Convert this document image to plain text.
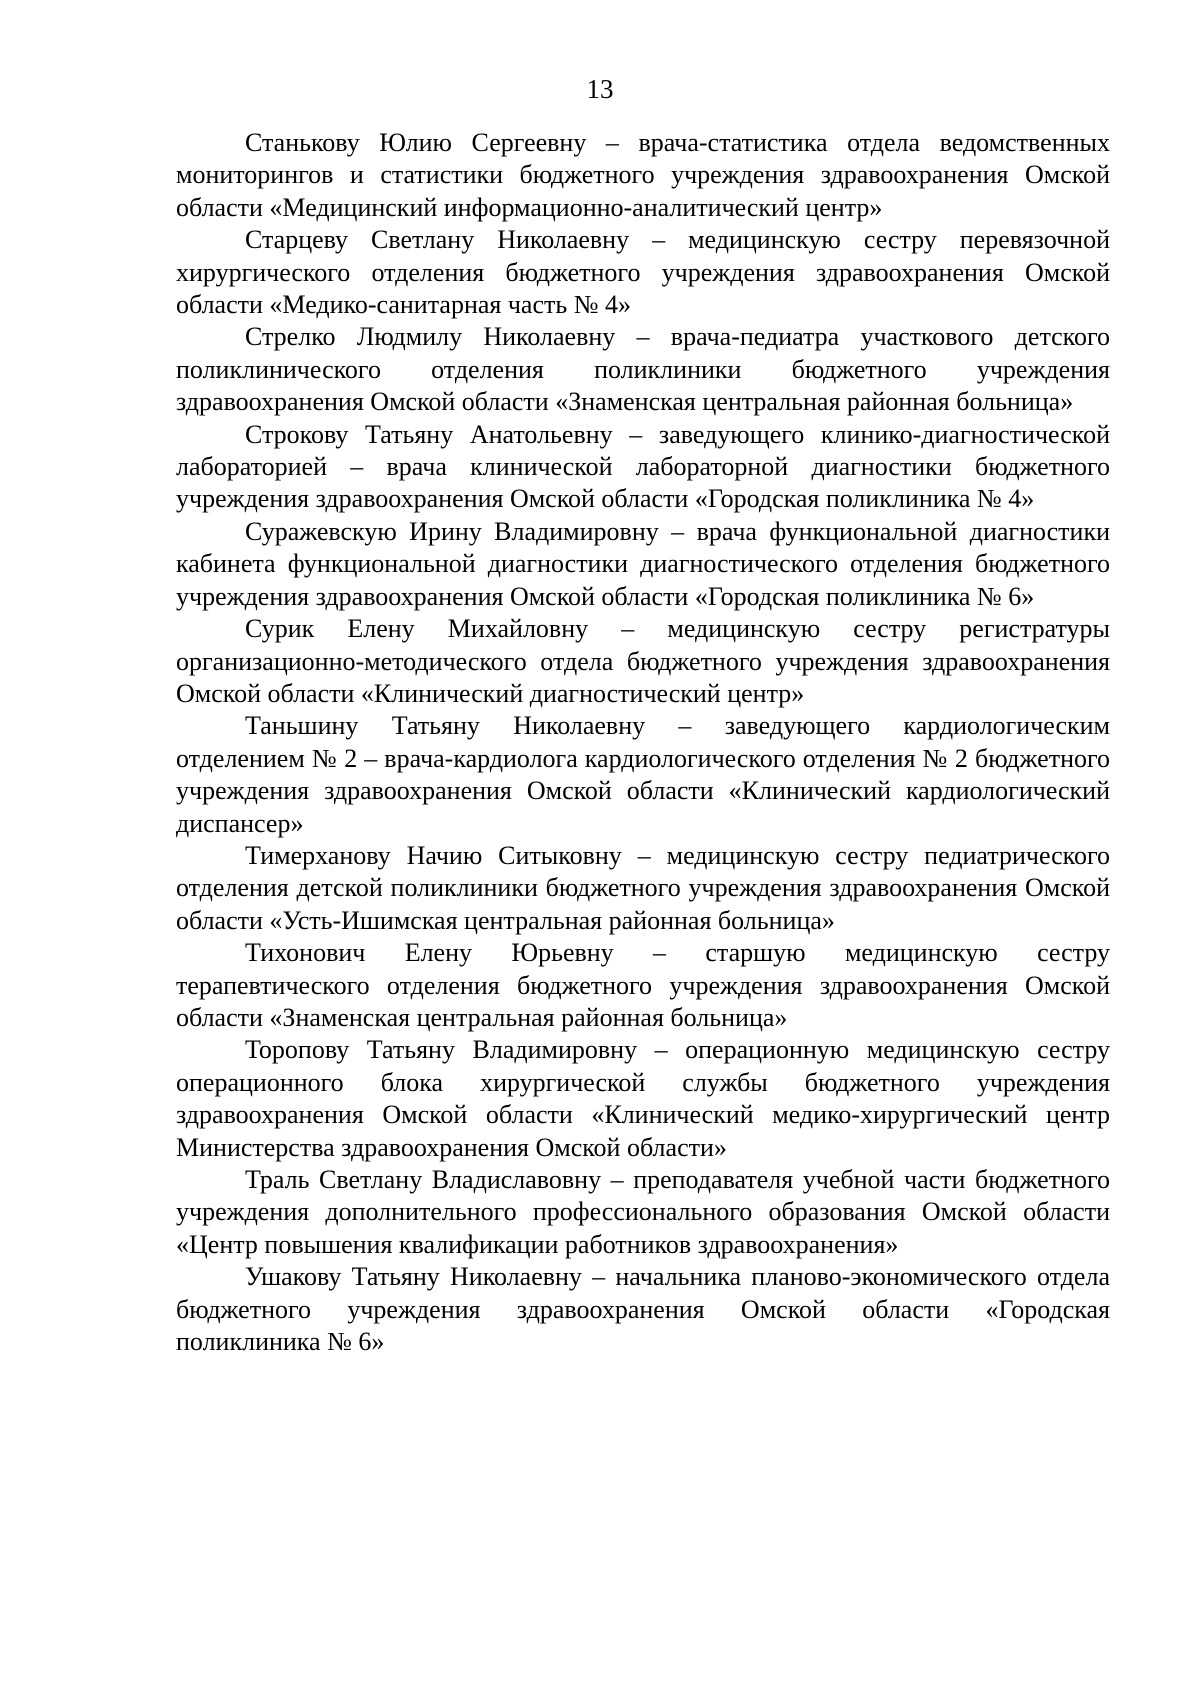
13

Станькову Юлию Сергеевну – врача-статистика отдела ведомственных мониторингов и статистики бюджетного учреждения здравоохранения Омской области «Медицинский информационно-аналитический центр»

Старцеву Светлану Николаевну – медицинскую сестру перевязочной хирургического отделения бюджетного учреждения здравоохранения Омской области «Медико-санитарная часть № 4»

Стрелко Людмилу Николаевну – врача-педиатра участкового детского поликлинического отделения поликлиники бюджетного учреждения здравоохранения Омской области «Знаменская центральная районная больница»

Строкову Татьяну Анатольевну – заведующего клинико-диагностической лабораторией – врача клинической лабораторной диагностики бюджетного учреждения здравоохранения Омской области «Городская поликлиника № 4»

Суражевскую Ирину Владимировну – врача функциональной диагностики кабинета функциональной диагностики диагностического отделения бюджетного учреждения здравоохранения Омской области «Городская поликлиника № 6»

Сурик Елену Михайловну – медицинскую сестру регистратуры организационно-методического отдела бюджетного учреждения здравоохранения Омской области «Клинический диагностический центр»

Таньшину Татьяну Николаевну – заведующего кардиологическим отделением № 2 – врача-кардиолога кардиологического отделения № 2 бюджетного учреждения здравоохранения Омской области «Клинический кардиологический диспансер»

Тимерханову Начию Ситыковну – медицинскую сестру педиатрического отделения детской поликлиники бюджетного учреждения здравоохранения Омской области «Усть-Ишимская центральная районная больница»

Тихонович Елену Юрьевну – старшую медицинскую сестру терапевтического отделения бюджетного учреждения здравоохранения Омской области «Знаменская центральная районная больница»

Торопову Татьяну Владимировну – операционную медицинскую сестру операционного блока хирургической службы бюджетного учреждения здравоохранения Омской области «Клинический медико-хирургический центр Министерства здравоохранения Омской области»

Траль Светлану Владиславовну – преподавателя учебной части бюджетного учреждения дополнительного профессионального образования Омской области «Центр повышения квалификации работников здравоохранения»

Ушакову Татьяну Николаевну – начальника планово-экономического отдела бюджетного учреждения здравоохранения Омской области «Городская поликлиника № 6»
